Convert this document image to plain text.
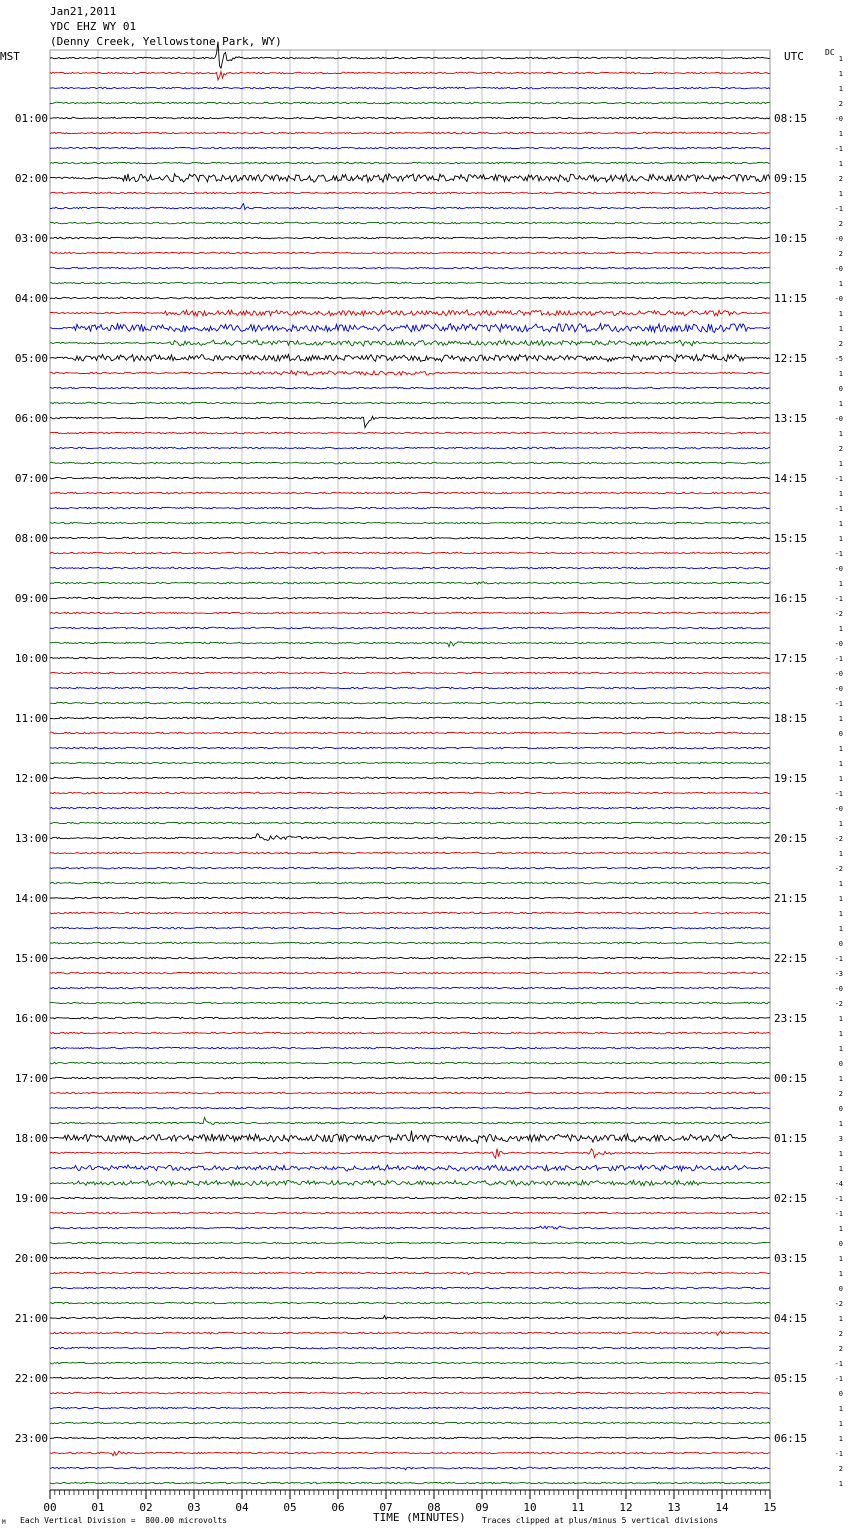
Jan21,2011
YDC EHZ WY 01
(Denny Creek, Yellowstone Park, WY)
MST	UTC	DC
01:00
02:00
03:00
04:00
05:00
06:00
07:00
08:00
09:00
10:00
11:00
12:00
13:00
14:00
15:00
16:00
17:00
18:00
19:00
20:00
21:00
22:00
23:00
08:15
09:15
10:15
11:15
12:15
13:15
14:15
15:15
16:15
17:15
18:15
19:15
20:15
21:15
22:15
23:15
00:15
01:15
02:15
03:15
04:15
05:15
06:15
1
1
1
2
-0
1
-1
1
2
1
-1
2
-0
2
-0
1
-0
1
1
2
-5
1
0
1
-0
1
2
1
-1
1
-1
1
1
-1
-0
1
-1
-2
1
-0
-1
-0
-0
-1
1
0
1
1
1
-1
-0
1
-2
1
-2
1
1
1
1
0
-1
-3
-0
-2
1
1
1
0
1
2
0
1
3
1
1
-4
-1
-1
1
0
1
1
0
-2
1
2
2
-1
-1
0
1
1
1
-1
2
1
00	01	02	03	04	05	06	07	08	09	10	11	12	13	14	15
TIME (MINUTES)
Each Vertical Division =  800.00 microvolts	Traces clipped at plus/minus 5 vertical divisions
M
